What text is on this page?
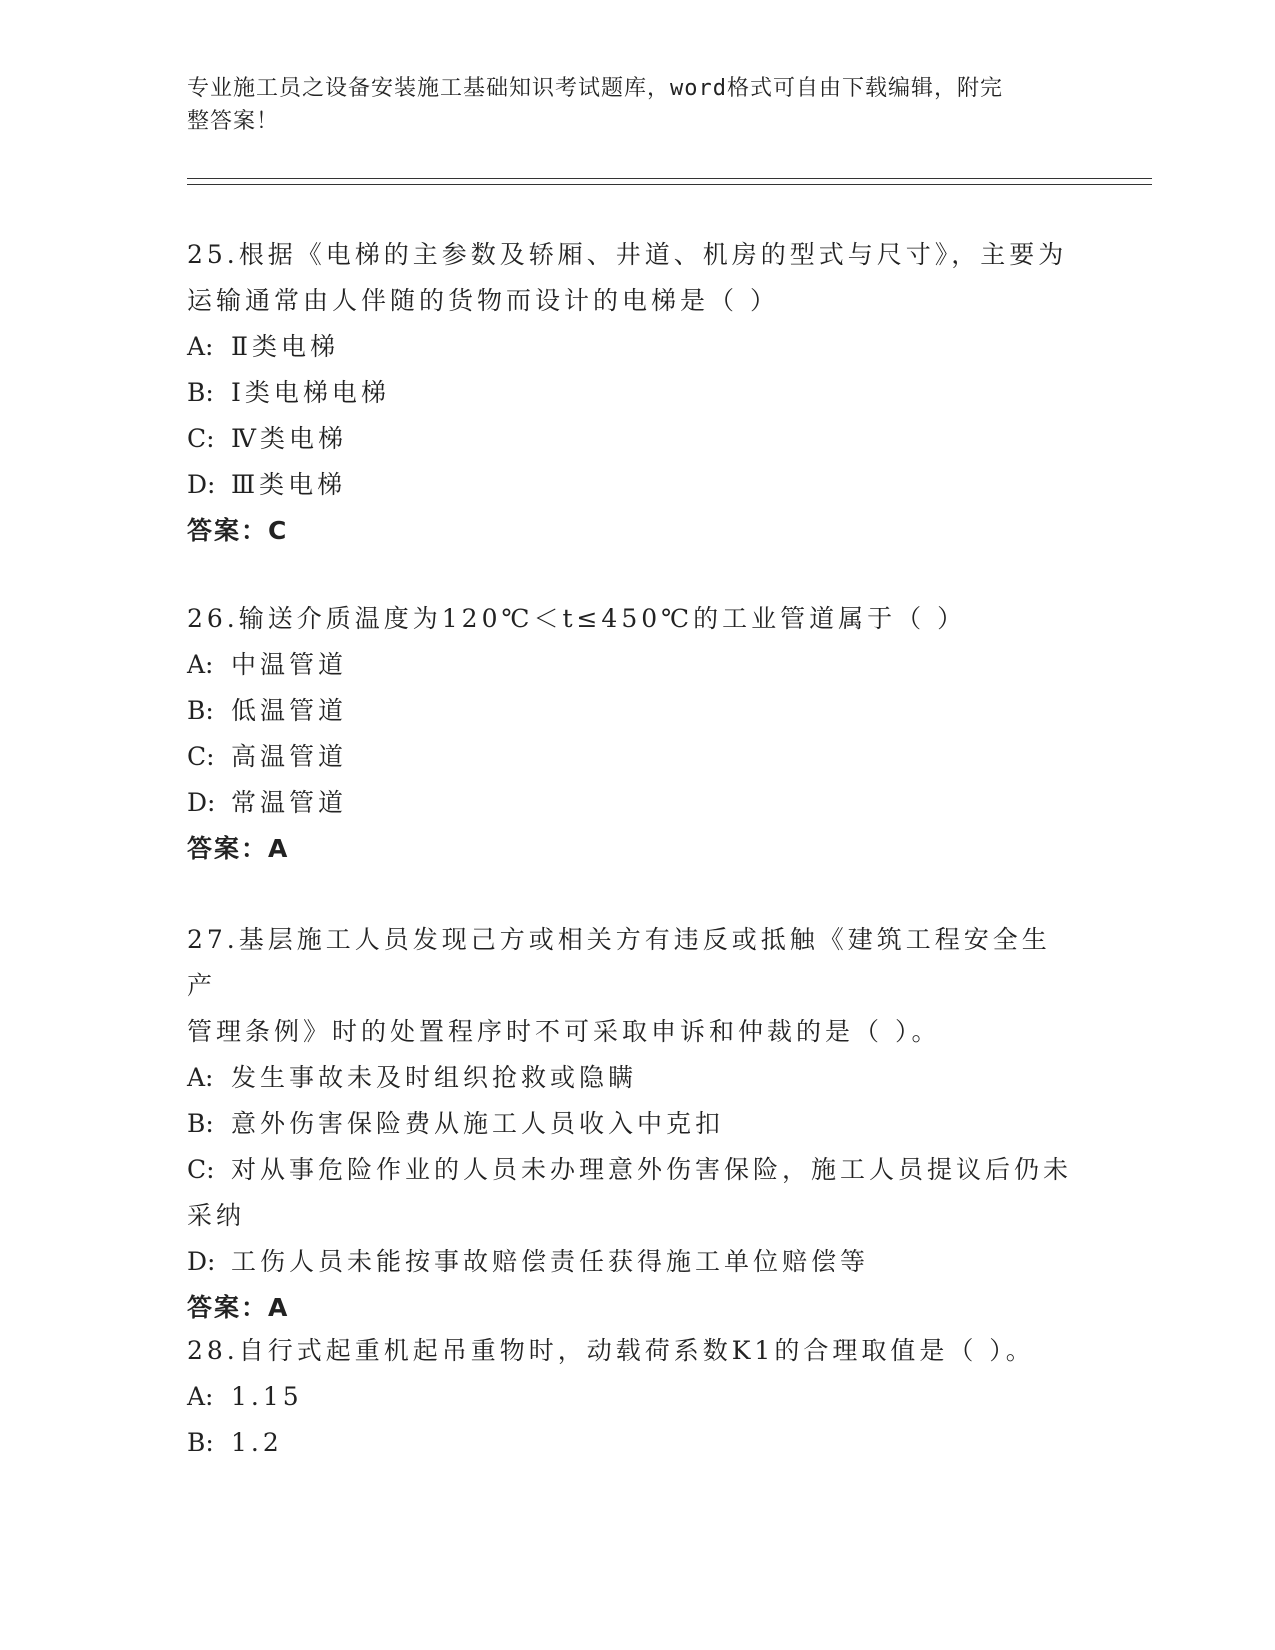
专业施工员之设备安装施工基础知识考试题库，word格式可自由下载编辑，附完
整答案！

25.根据《电梯的主参数及轿厢、井道、机房的型式与尺寸》，主要为
运输通常由人伴随的货物而设计的电梯是（ ）

A: Ⅱ类电梯

B: Ⅰ类电梯电梯

C: Ⅳ类电梯

D: Ⅲ类电梯

答案：C

26.输送介质温度为120℃＜t≤450℃的工业管道属于（ ）

A: 中温管道

B: 低温管道

C: 高温管道

D: 常温管道

答案：A

27.基层施工人员发现己方或相关方有违反或抵触《建筑工程安全生产
管理条例》时的处置程序时不可采取申诉和仲裁的是（ ）。

A: 发生事故未及时组织抢救或隐瞒

B: 意外伤害保险费从施工人员收入中克扣

C: 对从事危险作业的人员未办理意外伤害保险，施工人员提议后仍未
采纳

D: 工伤人员未能按事故赔偿责任获得施工单位赔偿等

答案：A

28.自行式起重机起吊重物时，动载荷系数K1的合理取值是（ ）。

A: 1.15

B: 1.2
